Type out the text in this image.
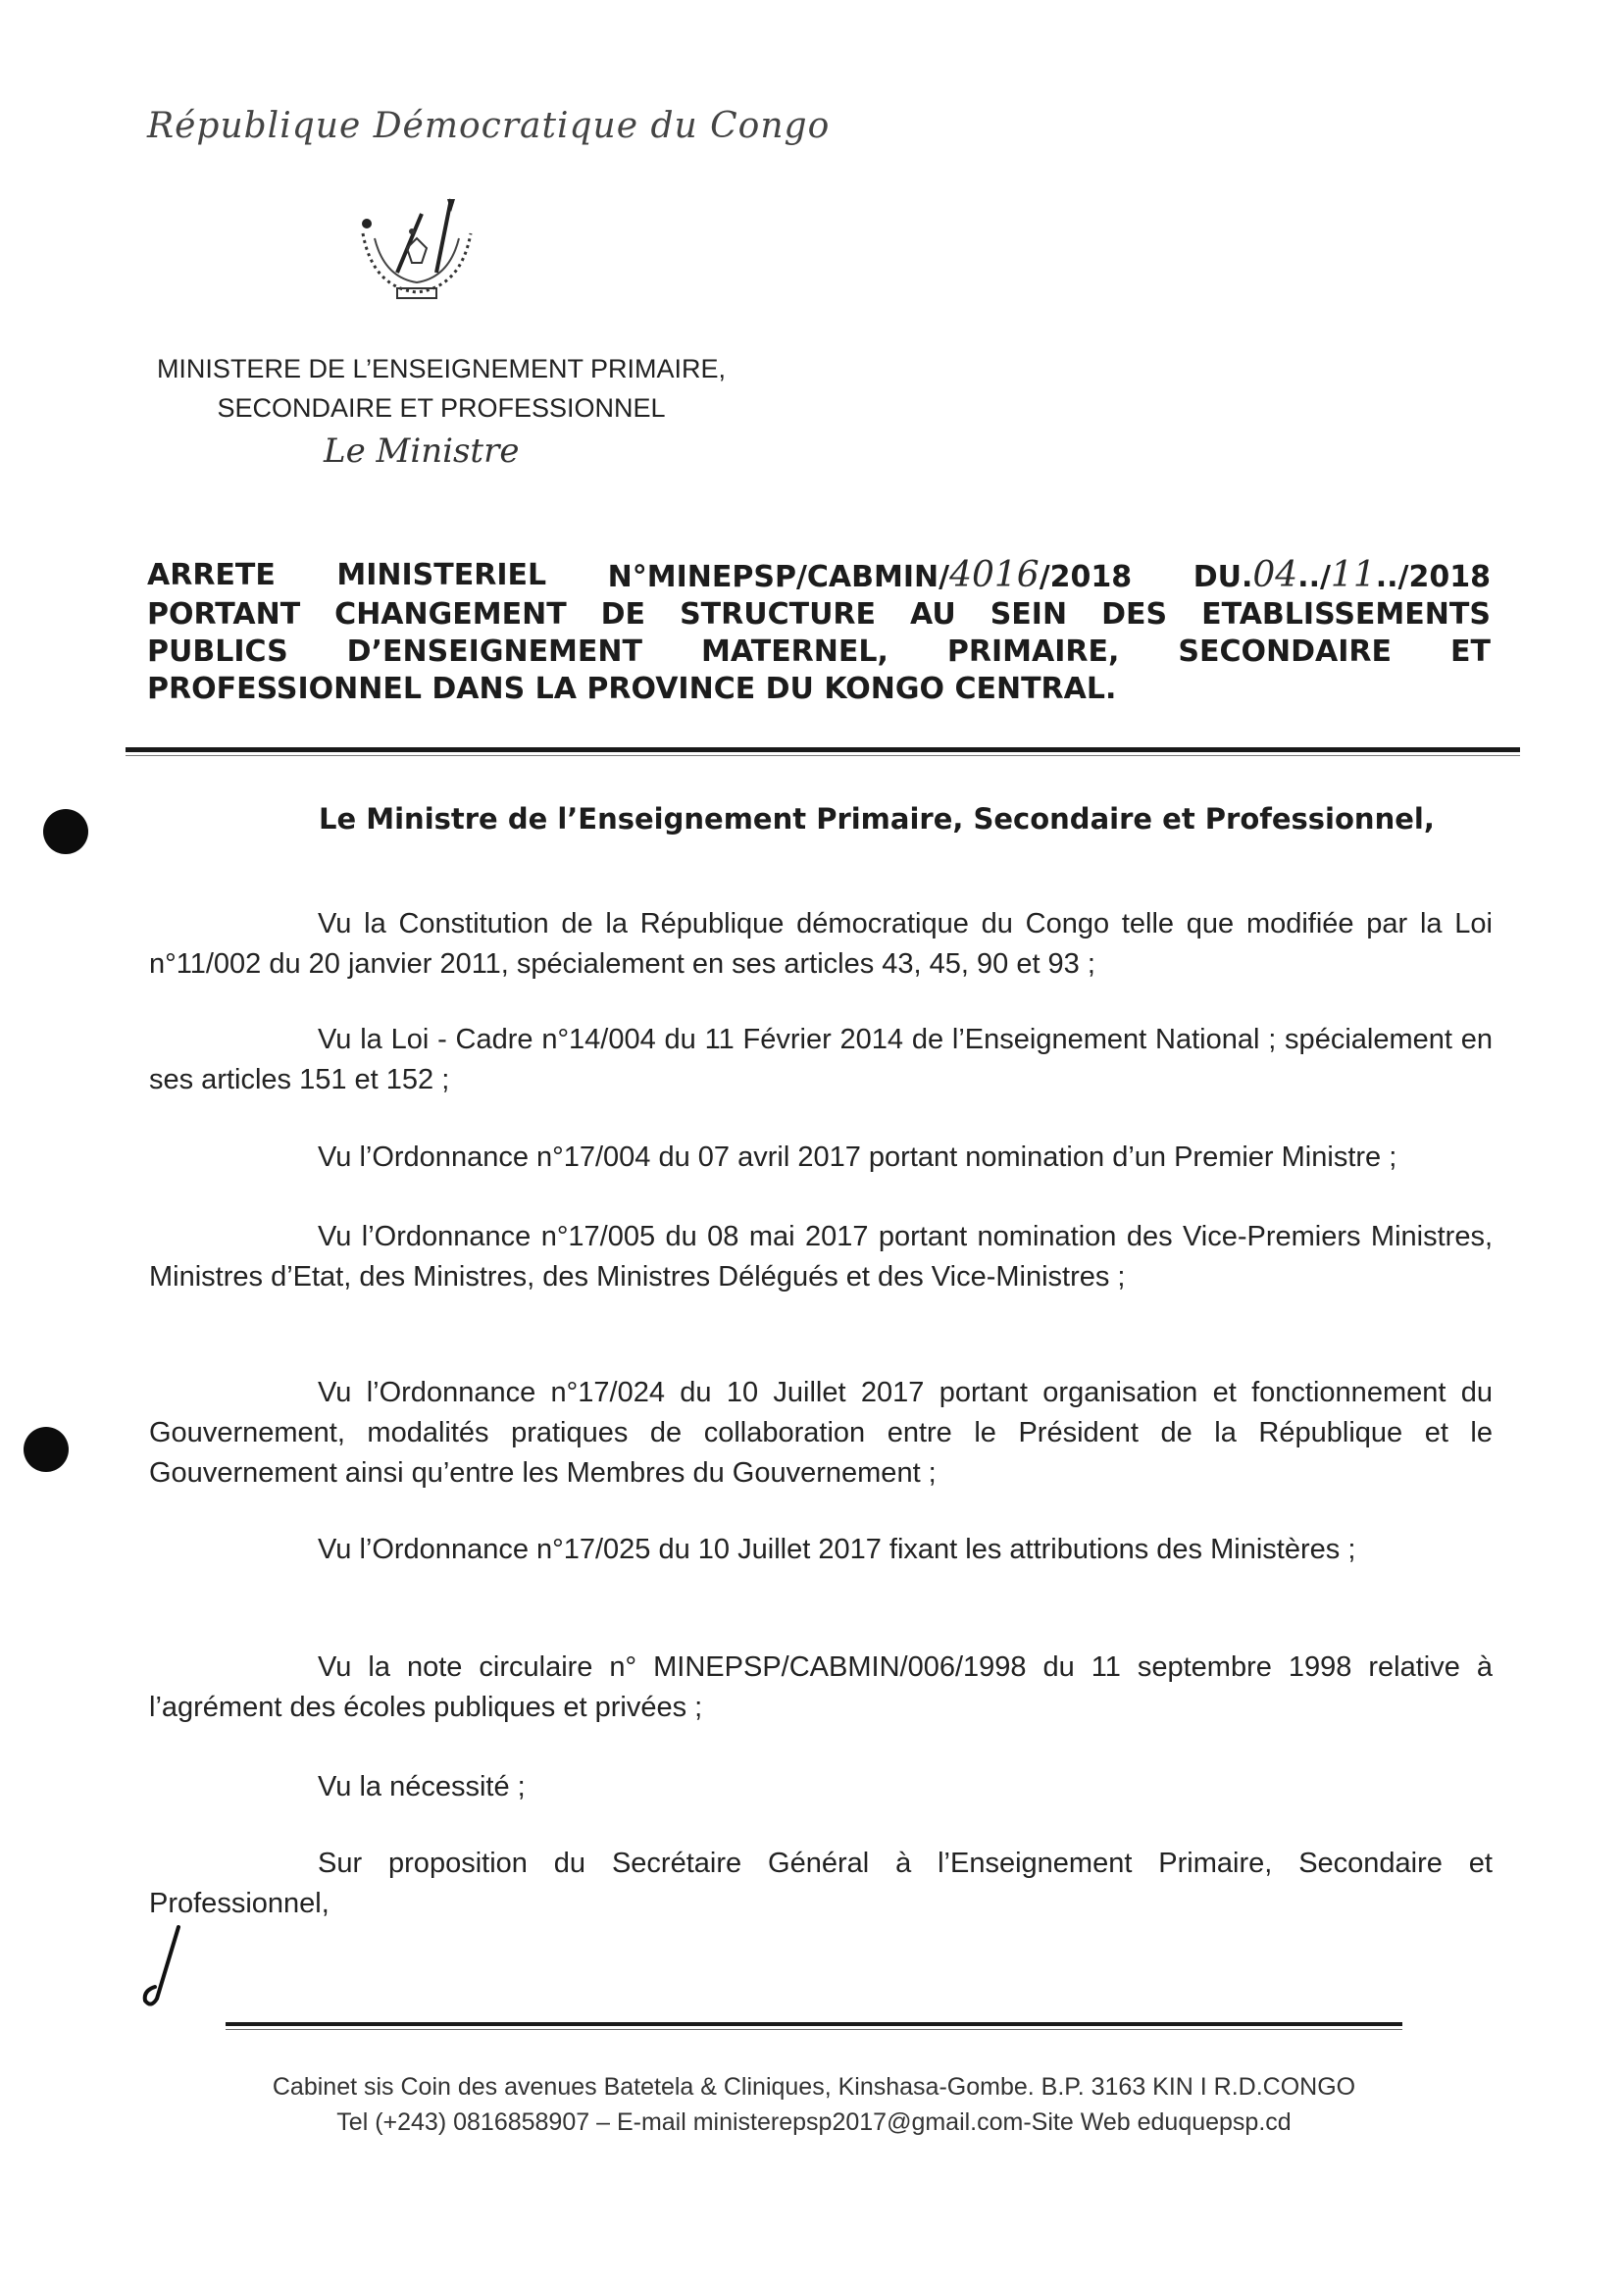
République Démocratique du Congo
MINISTERE DE L’ENSEIGNEMENT PRIMAIRE,
SECONDAIRE ET PROFESSIONNEL
Le Ministre
ARRETE MINISTERIEL N°MINEPSP/CABMIN/4016/2018 DU.04../11../2018
PORTANT CHANGEMENT DE STRUCTURE AU SEIN DES ETABLISSEMENTS
PUBLICS D’ENSEIGNEMENT MATERNEL, PRIMAIRE, SECONDAIRE ET
PROFESSIONNEL DANS LA PROVINCE DU KONGO CENTRAL.
Le Ministre de l’Enseignement Primaire, Secondaire et Professionnel,
Vu la Constitution de la République démocratique du Congo telle que modifiée par la Loi n°11/002 du 20 janvier 2011, spécialement en ses articles 43, 45, 90 et 93 ;
Vu la Loi - Cadre n°14/004 du 11 Février 2014 de l’Enseignement National ; spécialement en ses articles 151 et 152 ;
Vu l’Ordonnance n°17/004 du 07 avril 2017 portant nomination d’un Premier Ministre ;
Vu l’Ordonnance n°17/005 du 08 mai 2017 portant nomination des Vice-Premiers Ministres, Ministres d’Etat, des Ministres, des Ministres Délégués et des Vice-Ministres ;
Vu l’Ordonnance n°17/024 du 10 Juillet 2017 portant organisation et fonctionnement du Gouvernement, modalités pratiques de collaboration entre le Président de la République et le Gouvernement ainsi qu’entre les Membres du Gouvernement ;
Vu l’Ordonnance n°17/025 du 10 Juillet 2017 fixant les attributions des Ministères ;
Vu la note circulaire n° MINEPSP/CABMIN/006/1998 du 11 septembre 1998 relative à l’agrément des écoles publiques et privées ;
Vu la nécessité ;
Sur proposition du Secrétaire Général à l’Enseignement Primaire, Secondaire et Professionnel,
Cabinet sis Coin des avenues Batetela & Cliniques, Kinshasa-Gombe. B.P. 3163 KIN I R.D.CONGO
Tel (+243) 0816858907 – E-mail ministerepsp2017@gmail.com-Site Web eduquepsp.cd
